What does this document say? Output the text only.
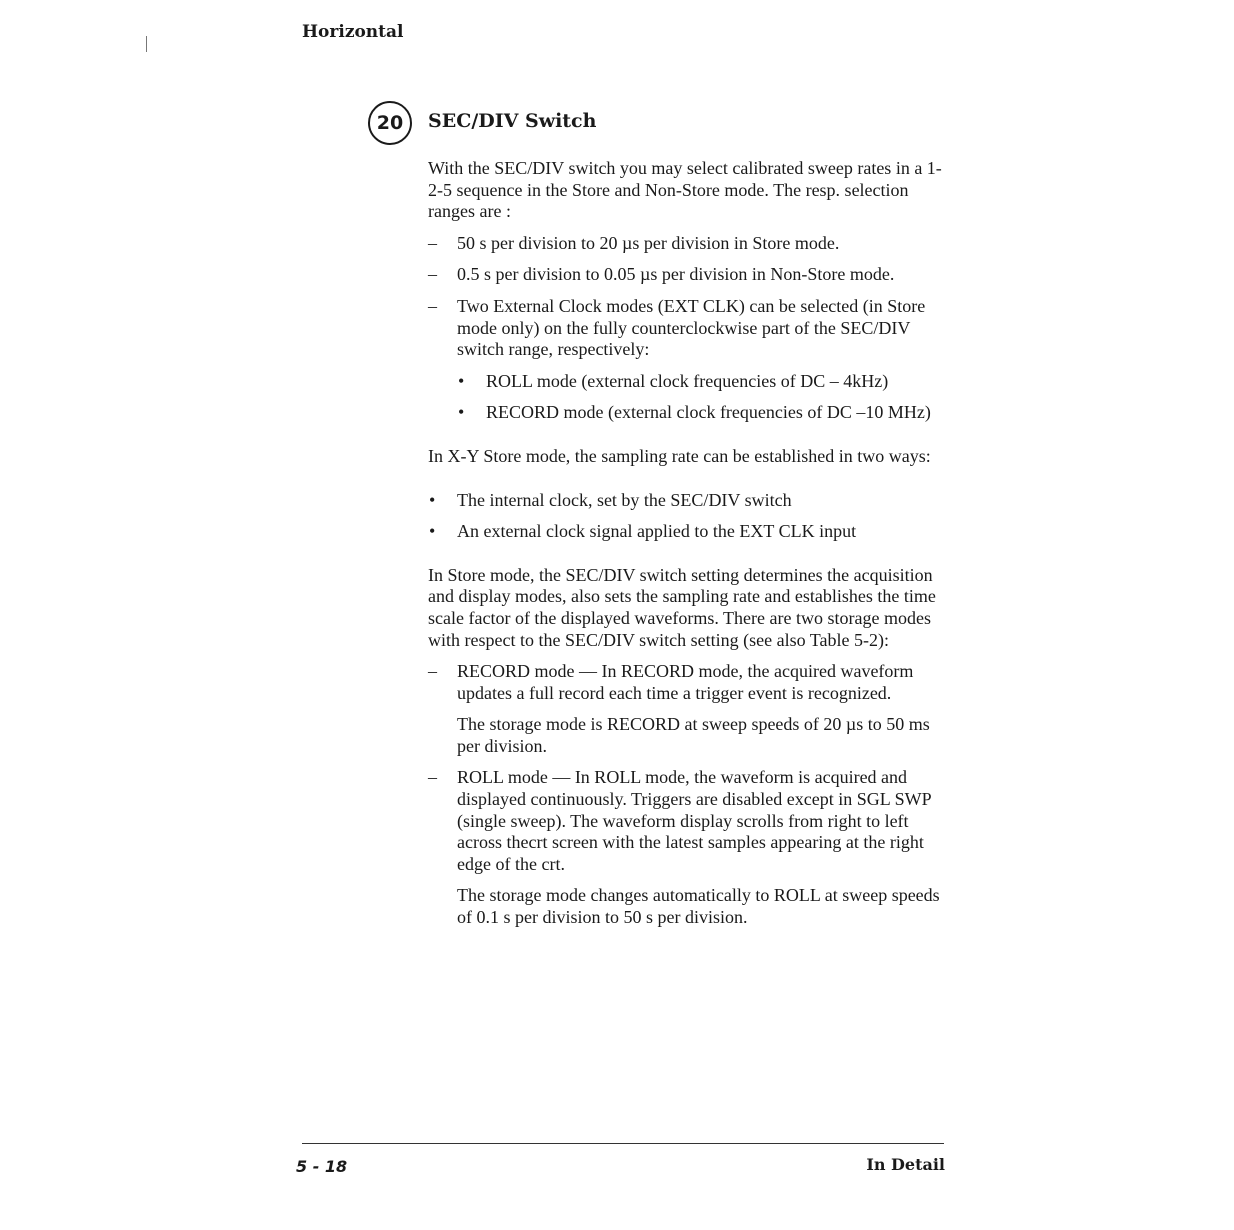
Horizontal
20 SEC/DIV Switch

With the SEC/DIV switch you may select calibrated sweep rates in a 1-2-5 sequence in the Store and Non-Store mode. The resp. selection ranges are :

– 50 s per division to 20 µs per division in Store mode.

– 0.5 s per division to 0.05 µs per division in Non-Store mode.

– Two External Clock modes (EXT CLK) can be selected (in Store mode only) on the fully counterclockwise part of the SEC/DIV switch range, respectively:

• ROLL mode (external clock frequencies of DC – 4kHz)

• RECORD mode (external clock frequencies of DC –10 MHz)

In X-Y Store mode, the sampling rate can be established in two ways:

• The internal clock, set by the SEC/DIV switch

• An external clock signal applied to the EXT CLK input

In Store mode, the SEC/DIV switch setting determines the acquisition and display modes, also sets the sampling rate and establishes the time scale factor of the displayed waveforms. There are two storage modes with respect to the SEC/DIV switch setting (see also Table 5-2):

– RECORD mode — In RECORD mode, the acquired waveform updates a full record each time a trigger event is recognized.

The storage mode is RECORD at sweep speeds of 20 µs to 50 ms per division.

– ROLL mode — In ROLL mode, the waveform is acquired and displayed continuously. Triggers are disabled except in SGL SWP (single sweep). The waveform display scrolls from right to left across thecrt screen with the latest samples appearing at the right edge of the crt.

The storage mode changes automatically to ROLL at sweep speeds of 0.1 s per division to 50 s per division.

5 - 18	In Detail
